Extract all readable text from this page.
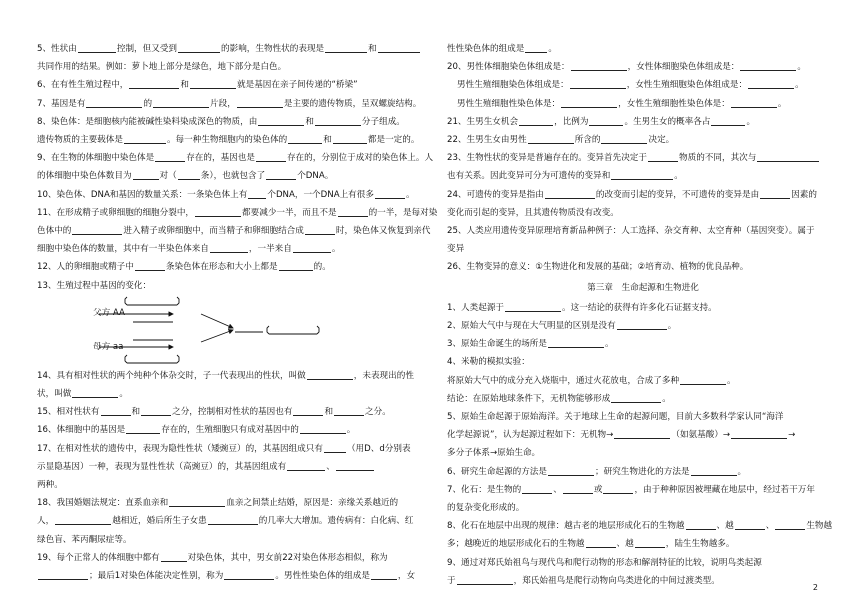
5、性状由	控制，但又受到	的影响，生物性状的表现是	和
共同作用的结果。例如：萝卜地上部分是绿色，地下部分是白色。
6、在有性生殖过程中，	和	就是基因在亲子间传递的“桥梁”
7、基因是有	的	片段，	是主要的遗传物质，呈双螺旋结构。
8、染色体：是细胞核内能被碱性染料染成深色的物质，由	和	分子组成。
遗传物质的主要载体是	。每一种生物细胞内的染色体的	和	都是一定的。
9、在生物的体细胞中染色体是	存在的，基因也是	存在的，分别位于成对的染色体上。人
的体细胞中染色体数目为	对（	条），也就包含了	个DNA。
10、染色体、DNA和基因的数量关系：一条染色体上有 个DNA，一个DNA上有很多	。
11、在形成精子或卵细胞的细胞分裂中，	都要减少一半，而且不是	的一半，是每对染
色体中的	进入精子或卵细胞中，而当精子和卵细胞结合成	时，染色体又恢复到亲代
细胞中染色体的数量，其中有一半染色体来自	，一半来自	。
12、人的卵细胞或精子中	条染色体在形态和大小上都是	的。
13、生殖过程中基因的变化：
父方 AA
母方 aa
14、具有相对性状的两个纯种个体杂交时，子一代表现出的性状，叫做	，未表现出的性
状，叫做	。
15、相对性状有	和	之分，控制相对性状的基因也有	和	之分。
16、体细胞中的基因是	存在的，生殖细胞只有成对基因中的	。
17、在相对性状的遗传中，表现为隐性性状（矮豌豆）的，其基因组成只有	（用D、d分别表
示显隐基因）一种，表现为显性性状（高豌豆）的，其基因组成有	、
两种。
18、我国婚姻法规定：直系血亲和	血亲之间禁止结婚，原因是：亲缘关系越近的
人，	越相近，婚后所生子女患	的几率大大增加。遗传病有：白化病、红
绿色盲、苯丙酮尿症等。
19、每个正常人的体细胞中都有	对染色体，其中，男女前22对染色体形态相似，称为
；最后1对染色体能决定性别，称为	。男性性染色体的组成是	，女
性性染色体的组成是	。
20、男性体细胞染色体组成是：	，女性体细胞染色体组成是：	。
男性生殖细胞染色体组成是：	，女性生殖细胞染色体组成是：	。
男性生殖细胞性染色体是：	，女性生殖细胞性染色体是：	。
21、生男生女机会	，比例为	。生男生女的概率各占	。
22、生男生女由男性	所含的	决定。
23、生物性状的变异是普遍存在的。变异首先决定于	物质的不同，其次与
也有关系。因此变异可分为可遗传的变异和	。
24、可遗传的变异是指由	的改变而引起的变异，不可遗传的变异是由	因素的
变化而引起的变异，且其遗传物质没有改变。
25、人类应用遗传变异原理培育新品种例子：人工选择、杂交育种、太空育种（基因突变）。属于
变异
26、生物变异的意义：①生物进化和发展的基础；②培育动、植物的优良品种。
第三章　生命起源和生物进化
1、人类起源于	。这一结论的获得有许多化石证据支持。
2、原始大气中与现在大气明显的区别是没有	。
3、原始生命诞生的场所是	。
4、米勒的模拟实验：
将原始大气中的成分充入烧瓶中，通过火花放电，合成了多种	。
结论：在原始地球条件下，无机物能够形成	。
5、原始生命起源于原始海洋。关于地球上生命的起源问题，目前大多数科学家认同“海洋
化学起源说”，认为起源过程如下：无机物→	（如氨基酸）→	→
多分子体系→原始生命。
6、研究生命起源的方法是	；研究生物进化的方法是	。
7、化石：是生物的	、	或	，由于种种原因被埋藏在地层中，经过若干万年
的复杂变化形成的。
8、化石在地层中出现的规律：越古老的地层形成化石的生物越	、越	、	生物越
多；越晚近的地层形成化石的生物越	、越	，陆生生物越多。
9、通过对郑氏始祖鸟与现代鸟和爬行动物的形态和解剖特征的比较，说明鸟类起源
于	，郑氏始祖鸟是爬行动物向鸟类进化的中间过渡类型。
2
